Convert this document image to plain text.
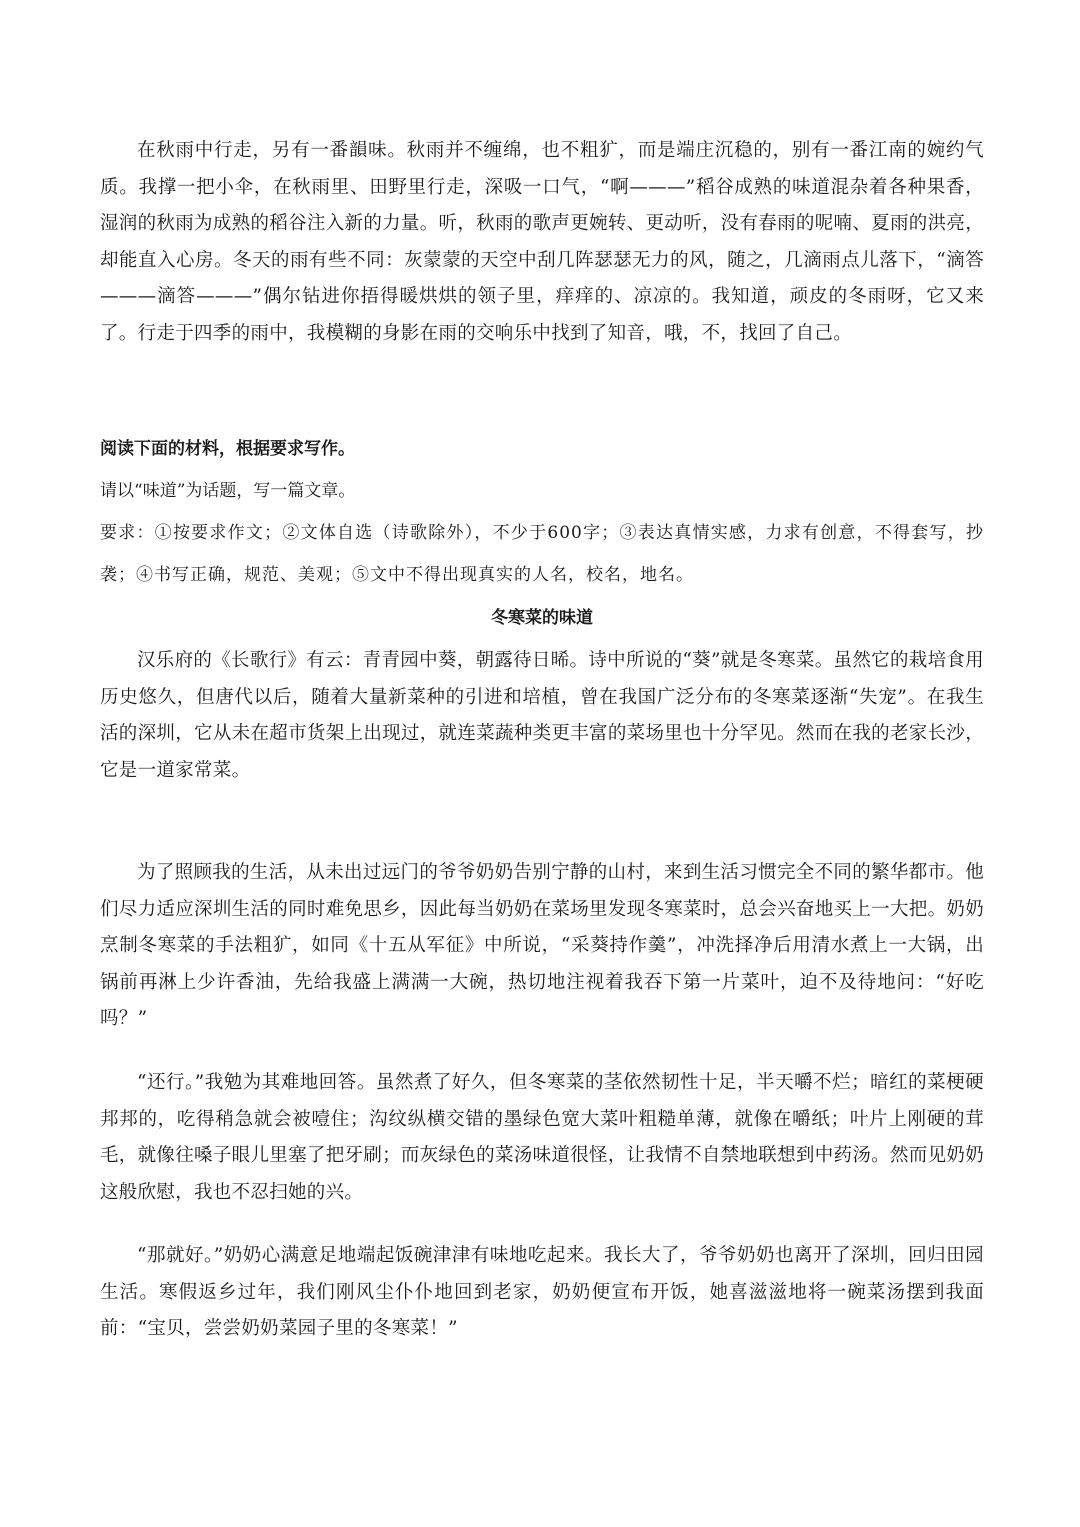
在秋雨中行走，另有一番韻味。秋雨并不缠绵，也不粗犷，而是端庄沉稳的，别有一番江南的婉约气质。我撑一把小伞，在秋雨里、田野里行走，深吸一口气，“啊———”稻谷成熟的味道混杂着各种果香，湿润的秋雨为成熟的稻谷注入新的力量。听，秋雨的歌声更婉转、更动听，没有春雨的呢喃、夏雨的洪亮，却能直入心房。冬天的雨有些不同：灰蒙蒙的天空中刮几阵瑟瑟无力的风，随之，几滴雨点儿落下，“滴答———滴答———”偶尔钻进你捂得暖烘烘的领子里，痒痒的、凉凉的。我知道，顽皮的冬雨呀，它又来了。行走于四季的雨中，我模糊的身影在雨的交响乐中找到了知音，哦，不，找回了自己。

阅读下面的材料，根据要求写作。

请以“味道”为话题，写一篇文章。

要求：①按要求作文；②文体自选（诗歌除外），不少于600字；③表达真情实感，力求有创意，不得套写，抄袭；④书写正确，规范、美观；⑤文中不得出现真实的人名，校名，地名。

冬寒菜的味道

汉乐府的《长歌行》有云：青青园中葵，朝露待日晞。诗中所说的“葵”就是冬寒菜。虽然它的栽培食用历史悠久，但唐代以后，随着大量新菜种的引进和培植，曾在我国广泛分布的冬寒菜逐渐“失宠”。在我生活的深圳，它从未在超市货架上出现过，就连菜蔬种类更丰富的菜场里也十分罕见。然而在我的老家长沙，它是一道家常菜。

为了照顾我的生活，从未出过远门的爷爷奶奶告别宁静的山村，来到生活习惯完全不同的繁华都市。他们尽力适应深圳生活的同时难免思乡，因此每当奶奶在菜场里发现冬寒菜时，总会兴奋地买上一大把。奶奶烹制冬寒菜的手法粗犷，如同《十五从军征》中所说，“采葵持作羹”，冲洗择净后用清水煮上一大锅，出锅前再淋上少许香油，先给我盛上满满一大碗，热切地注视着我吞下第一片菜叶，迫不及待地问：“好吃吗？”

“还行。”我勉为其难地回答。虽然煮了好久，但冬寒菜的茎依然韧性十足，半天嚼不烂；暗红的菜梗硬邦邦的，吃得稍急就会被噎住；沟纹纵横交错的墨绿色宽大菜叶粗糙单薄，就像在嚼纸；叶片上刚硬的茸毛，就像往嗓子眼儿里塞了把牙刷；而灰绿色的菜汤味道很怪，让我情不自禁地联想到中药汤。然而见奶奶这般欣慰，我也不忍扫她的兴。

“那就好。”奶奶心满意足地端起饭碗津津有味地吃起来。我长大了，爷爷奶奶也离开了深圳，回归田园生活。寒假返乡过年，我们刚风尘仆仆地回到老家，奶奶便宣布开饭，她喜滋滋地将一碗菜汤摆到我面前：“宝贝，尝尝奶奶菜园子里的冬寒菜！”
